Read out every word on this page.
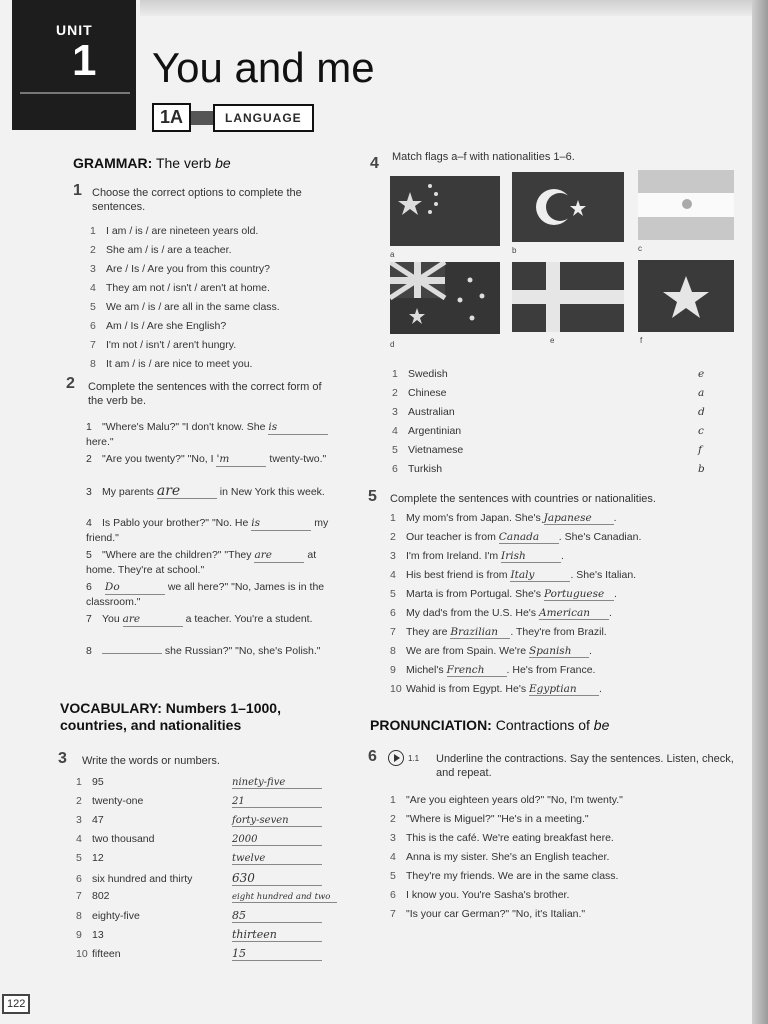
UNIT
1 You and me
1A	LANGUAGE
GRAMMAR: The verb be
1 Choose the correct options to complete the sentences.
1 I am / is / are nineteen years old.
2 She am / is / are a teacher.
3 Are / Is / Are you from this country?
4 They am not / isn't / aren't at home.
5 We am / is / are all in the same class.
6 Am / Is / Are she English?
7 I'm not / isn't / aren't hungry.
8 It am / is / are nice to meet you.
2 Complete the sentences with the correct form of the verb be.
1 "Where's Malu?" "I don't know. She is here."
2 "Are you twenty?" "No, I 'm	twenty-two."
3 My parents are	in New York this week.
4 Is Pablo your brother?" "No. He is	my friend."
5 "Where are the children?" "They are	at home. They're at school."
6 Do	we all here?" "No, James is in the classroom."
7 You are	a teacher. You're a student.
8	she Russian?" "No, she's Polish."
VOCABULARY: Numbers 1–1000, countries, and nationalities
3 Write the words or numbers.
1 95	ninety-five
2 twenty-one	21
3 47	forty-seven
4 two thousand	2000
5 12	twelve
6 six hundred and thirty	630
7 802	eight hundred and two
8 eighty-five	85
9 13	thirteen
10 fifteen	15
4 Match flags a–f with nationalities 1–6.
a	b	c
d	e	f
1 Swedish	e
2 Chinese	a
3 Australian	d
4 Argentinian	c
5 Vietnamese	f
6 Turkish	b
5 Complete the sentences with countries or nationalities.
1 My mom's from Japan. She's Japanese .
2 Our teacher is from Canada . She's Canadian.
3 I'm from Ireland. I'm Irish	.
4 His best friend is from Italy	. She's Italian.
5 Marta is from Portugal. She's Portuguese .
6 My dad's from the U.S. He's American .
7 They are Brazilian . They're from Brazil.
8 We are from Spain. We're Spanish .
9 Michel's French . He's from France.
10 Wahid is from Egypt. He's Egyptian .
PRONUNCIATION: Contractions of be
6	1.1 Underline the contractions. Say the sentences. Listen, check, and repeat.
1 "Are you eighteen years old?" "No, I'm twenty."
2 "Where is Miguel?" "He's in a meeting."
3 This is the café. We're eating breakfast here.
4 Anna is my sister. She's an English teacher.
5 They're my friends. We are in the same class.
6 I know you. You're Sasha's brother.
7 "Is your car German?" "No, it's Italian."
122
